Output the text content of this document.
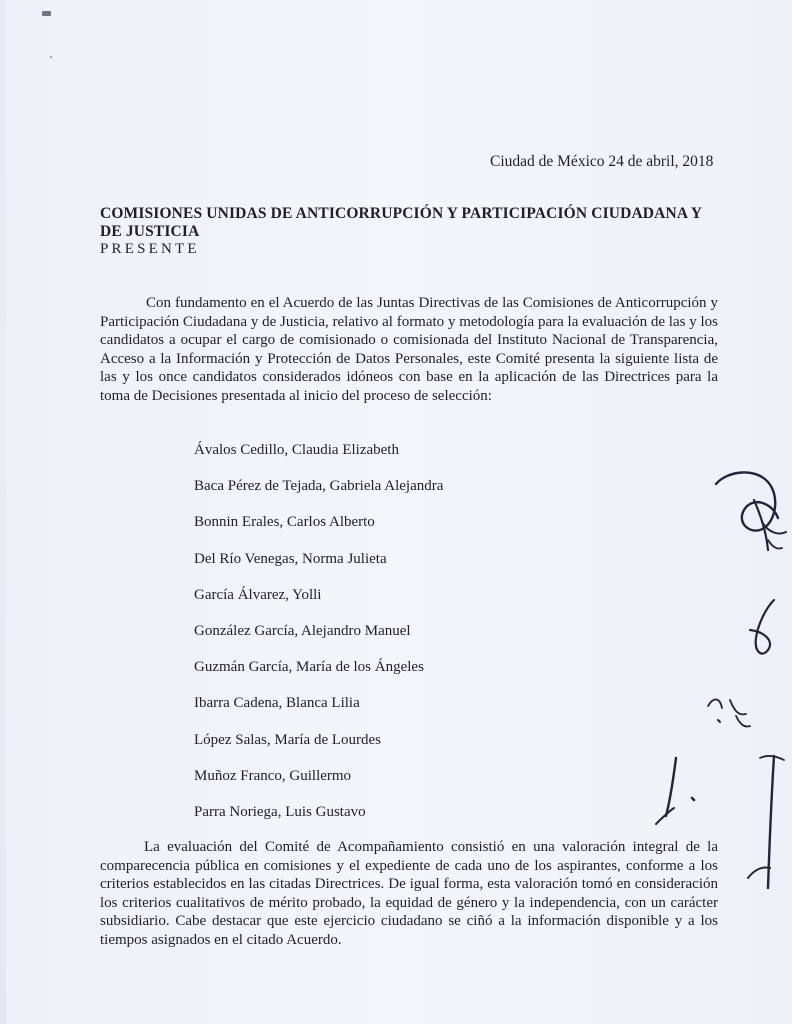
Ciudad de México 24 de abril, 2018
COMISIONES UNIDAS DE ANTICORRUPCIÓN Y PARTICIPACIÓN CIUDADANA Y DE JUSTICIA
PRESENTE
Con fundamento en el Acuerdo de las Juntas Directivas de las Comisiones de Anticorrupción y Participación Ciudadana y de Justicia, relativo al formato y metodología para la evaluación de las y los candidatos a ocupar el cargo de comisionado o comisionada del Instituto Nacional de Transparencia, Acceso a la Información y Protección de Datos Personales, este Comité presenta la siguiente lista de las y los once candidatos considerados idóneos con base en la aplicación de las Directrices para la toma de Decisiones presentada al inicio del proceso de selección:
Ávalos Cedillo, Claudia Elizabeth
Baca Pérez de Tejada, Gabriela Alejandra
Bonnin Erales, Carlos Alberto
Del Río Venegas, Norma Julieta
García Álvarez, Yolli
González García, Alejandro Manuel
Guzmán García, María de los Ángeles
Ibarra Cadena, Blanca Lilia
López Salas, María de Lourdes
Muñoz Franco, Guillermo
Parra Noriega, Luis Gustavo
La evaluación del Comité de Acompañamiento consistió en una valoración integral de la comparecencia pública en comisiones y el expediente de cada uno de los aspirantes, conforme a los criterios establecidos en las citadas Directrices. De igual forma, esta valoración tomó en consideración los criterios cualitativos de mérito probado, la equidad de género y la independencia, con un carácter subsidiario. Cabe destacar que este ejercicio ciudadano se ciñó a la información disponible y a los tiempos asignados en el citado Acuerdo.
